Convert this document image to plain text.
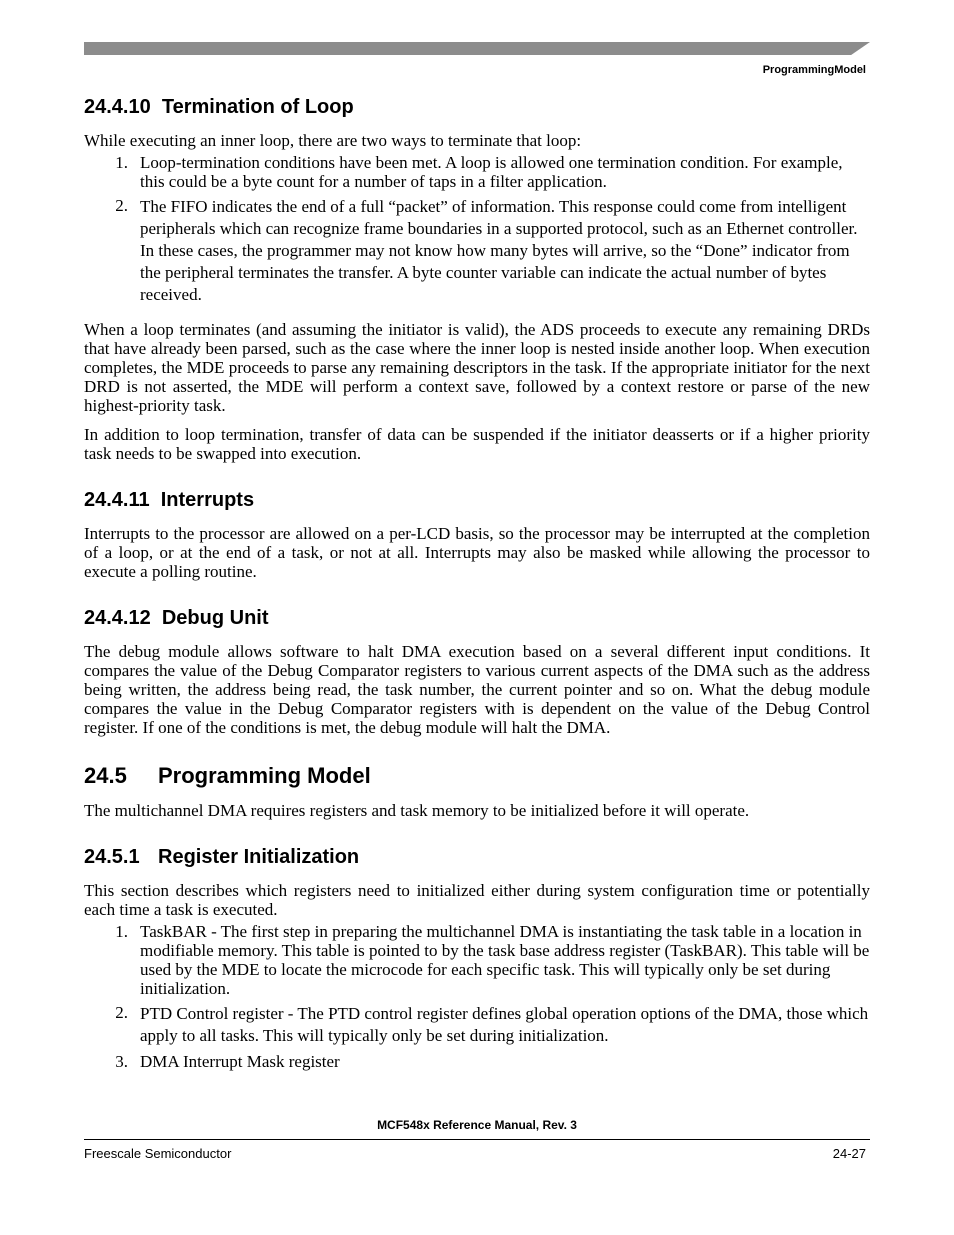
ProgrammingModel
24.4.10 Termination of Loop

While executing an inner loop, there are two ways to terminate that loop:

1. Loop-termination conditions have been met. A loop is allowed one termination condition. For example, this could be a byte count for a number of taps in a filter application.
2. The FIFO indicates the end of a full “packet” of information. This response could come from intelligent peripherals which can recognize frame boundaries in a supported protocol, such as an Ethernet controller. In these cases, the programmer may not know how many bytes will arrive, so the “Done” indicator from the peripheral terminates the transfer. A byte counter variable can indicate the actual number of bytes received.

When a loop terminates (and assuming the initiator is valid), the ADS proceeds to execute any remaining DRDs that have already been parsed, such as the case where the inner loop is nested inside another loop. When execution completes, the MDE proceeds to parse any remaining descriptors in the task. If the appropriate initiator for the next DRD is not asserted, the MDE will perform a context save, followed by a context restore or parse of the new highest-priority task.

In addition to loop termination, transfer of data can be suspended if the initiator deasserts or if a higher priority task needs to be swapped into execution.

24.4.11 Interrupts

Interrupts to the processor are allowed on a per-LCD basis, so the processor may be interrupted at the completion of a loop, or at the end of a task, or not at all. Interrupts may also be masked while allowing the processor to execute a polling routine.

24.4.12 Debug Unit

The debug module allows software to halt DMA execution based on a several different input conditions. It compares the value of the Debug Comparator registers to various current aspects of the DMA such as the address being written, the address being read, the task number, the current pointer and so on. What the debug module compares the value in the Debug Comparator registers with is dependent on the value of the Debug Control register. If one of the conditions is met, the debug module will halt the DMA.

24.5 Programming Model

The multichannel DMA requires registers and task memory to be initialized before it will operate.

24.5.1 Register Initialization

This section describes which registers need to initialized either during system configuration time or potentially each time a task is executed.

1. TaskBAR - The first step in preparing the multichannel DMA is instantiating the task table in a location in modifiable memory. This table is pointed to by the task base address register (TaskBAR). This table will be used by the MDE to locate the microcode for each specific task. This will typically only be set during initialization.
2. PTD Control register - The PTD control register defines global operation options of the DMA, those which apply to all tasks. This will typically only be set during initialization.
3. DMA Interrupt Mask register
MCF548x Reference Manual, Rev. 3
Freescale Semiconductor	24-27
